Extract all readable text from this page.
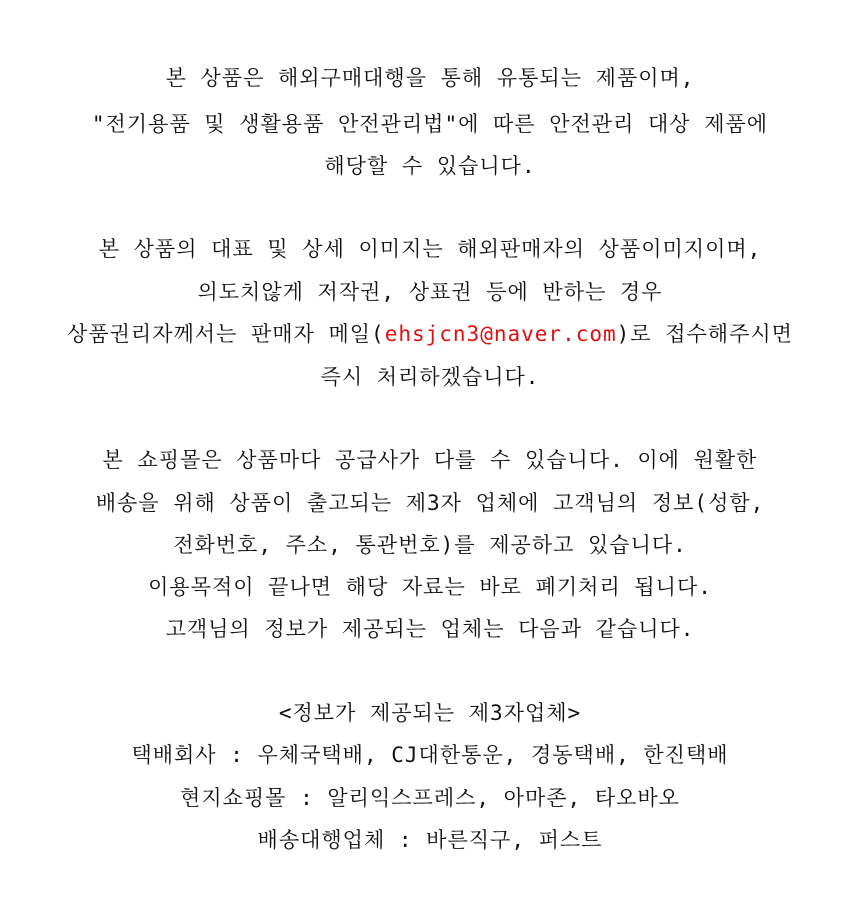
본 상품은 해외구매대행을 통해 유통되는 제품이며,
"전기용품 및 생활용품 안전관리법"에 따른 안전관리 대상 제품에
해당할 수 있습니다.
본 상품의 대표 및 상세 이미지는 해외판매자의 상품이미지이며,
의도치않게 저작권, 상표권 등에 반하는 경우
상품권리자께서는 판매자 메일(ehsjcn3@naver.com)로 접수해주시면
즉시 처리하겠습니다.
본 쇼핑몰은 상품마다 공급사가 다를 수 있습니다. 이에 원활한
배송을 위해 상품이 출고되는 제3자 업체에 고객님의 정보(성함,
전화번호, 주소, 통관번호)를 제공하고 있습니다.
이용목적이 끝나면 해당 자료는 바로 폐기처리 됩니다.
고객님의 정보가 제공되는 업체는 다음과 같습니다.
<정보가 제공되는 제3자업체>
택배회사 : 우체국택배, CJ대한통운, 경동택배, 한진택배
현지쇼핑몰 : 알리익스프레스, 아마존, 타오바오
배송대행업체 : 바른직구, 퍼스트
